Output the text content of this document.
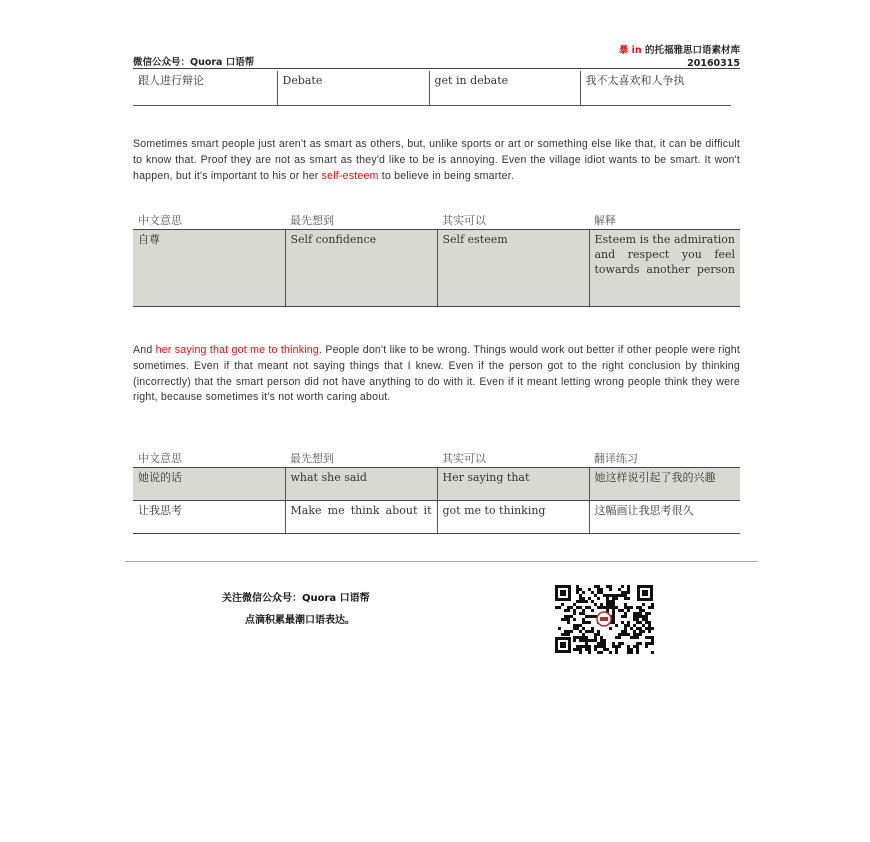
微信公众号：Quora 口语帮
暴 in 的托福雅思口语素材库
20160315
跟人进行辩论	Debate	get in debate	我不太喜欢和人争执
Sometimes smart people just aren't as smart as others, but, unlike sports or art or something else like that, it can be difficult to know that. Proof they are not as smart as they'd like to be is annoying. Even the village idiot wants to be smart. It won't happen, but it's important to his or her self-esteem to believe in being smarter.
中文意思	最先想到	其实可以	解释
自尊	Self confidence	Self esteem	Esteem is the admiration and respect you feel towards another person
And her saying that got me to thinking. People don't like to be wrong. Things would work out better if other people were right sometimes. Even if that meant not saying things that I knew. Even if the person got to the right conclusion by thinking (incorrectly) that the smart person did not have anything to do with it. Even if it meant letting wrong people think they were right, because sometimes it's not worth caring about.
中文意思	最先想到	其实可以	翻译练习
她说的话	what she said	Her saying that	她这样说引起了我的兴趣
让我思考	Make me think about it	got me to thinking	这幅画让我思考很久
关注微信公众号：Quora 口语帮
点滴积累最潮口语表达。
